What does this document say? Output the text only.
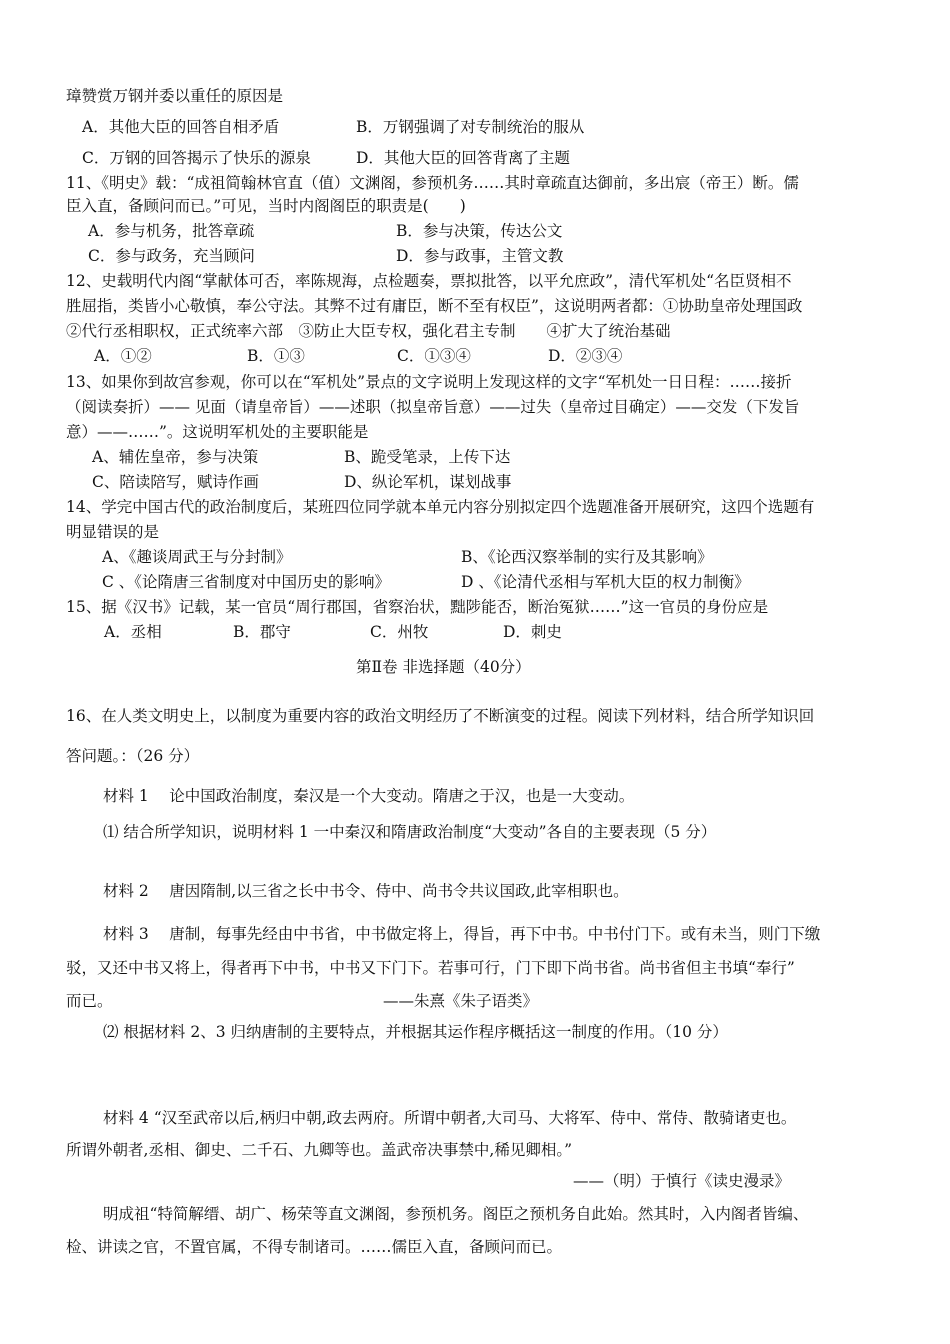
璋赞赏万钢并委以重任的原因是
A．其他大臣的回答自相矛盾	B．万钢强调了对专制统治的服从
C．万钢的回答揭示了快乐的源泉	D．其他大臣的回答背离了主题
11、《明史》载：“成祖简翰林官直（值）文渊阁，参预机务……其时章疏直达御前，多出宸（帝王）断。儒
臣入直，备顾问而已。”可见，当时内阁阁臣的职责是(　　)
A．参与机务，批答章疏	B．参与决策，传达公文
C．参与政务，充当顾问	D．参与政事，主管文教
12、史载明代内阁“掌献体可否，率陈规海，点检题奏，票拟批答，以平允庶政”，清代军机处“名臣贤相不
胜屈指，类皆小心敬慎，奉公守法。其弊不过有庸臣，断不至有权臣”，这说明两者都：①协助皇帝处理国政
②代行丞相职权，正式统率六部　③防止大臣专权，强化君主专制　　④扩大了统治基础
A．①②	B．①③	C．①③④	D．②③④
13、如果你到故宫参观，你可以在“军机处”景点的文字说明上发现这样的文字“军机处一日日程：……接折
（阅读奏折）—— 见面（请皇帝旨）——述职（拟皇帝旨意）——过失（皇帝过目确定）——交发（下发旨
意）——……”。这说明军机处的主要职能是
A、辅佐皇帝，参与决策	B、跪受笔录，上传下达
C、陪读陪写，赋诗作画	D、纵论军机，谋划战事
14、学完中国古代的政治制度后，某班四位同学就本单元内容分别拟定四个选题准备开展研究，这四个选题有
明显错误的是
A、《趣谈周武王与分封制》	B、《论西汉察举制的实行及其影响》
C 、《论隋唐三省制度对中国历史的影响》	D 、《论清代丞相与军机大臣的权力制衡》
15、据《汉书》记载，某一官员“周行郡国，省察治状，黜陟能否，断治冤狱……”这一官员的身份应是
A．丞相	B．郡守	C．州牧	D．刺史
第Ⅱ卷 非选择题（40分）
16、在人类文明史上，以制度为重要内容的政治文明经历了不断演变的过程。阅读下列材料，结合所学知识回
答问题。：（26 分）
材料 1　 论中国政治制度，秦汉是一个大变动。隋唐之于汉，也是一大变动。
⑴ 结合所学知识，说明材料 1 一中秦汉和隋唐政治制度“大变动”各自的主要表现（5 分）
材料 2　 唐因隋制,以三省之长中书令、侍中、尚书令共议国政,此宰相职也。
材料 3　 唐制，每事先经由中书省，中书做定将上，得旨，再下中书。中书付门下。或有未当，则门下缴
驳，又还中书又将上，得者再下中书，中书又下门下。若事可行，门下即下尚书省。尚书省但主书填“奉行”
而已。	——朱熹《朱子语类》
⑵ 根据材料 2、3 归纳唐制的主要特点，并根据其运作程序概括这一制度的作用。（10 分）
材料 4 “汉至武帝以后,柄归中朝,政去两府。所谓中朝者,大司马、大将军、侍中、常侍、散骑诸吏也。
所谓外朝者,丞相、御史、二千石、九卿等也。盖武帝决事禁中,稀见卿相。”
——（明）于慎行《读史漫录》
明成祖“特简解缙、胡广、杨荣等直文渊阁，参预机务。阁臣之预机务自此始。然其时，入内阁者皆编、
检、讲读之官，不置官属，不得专制诸司。……儒臣入直，备顾问而已。
